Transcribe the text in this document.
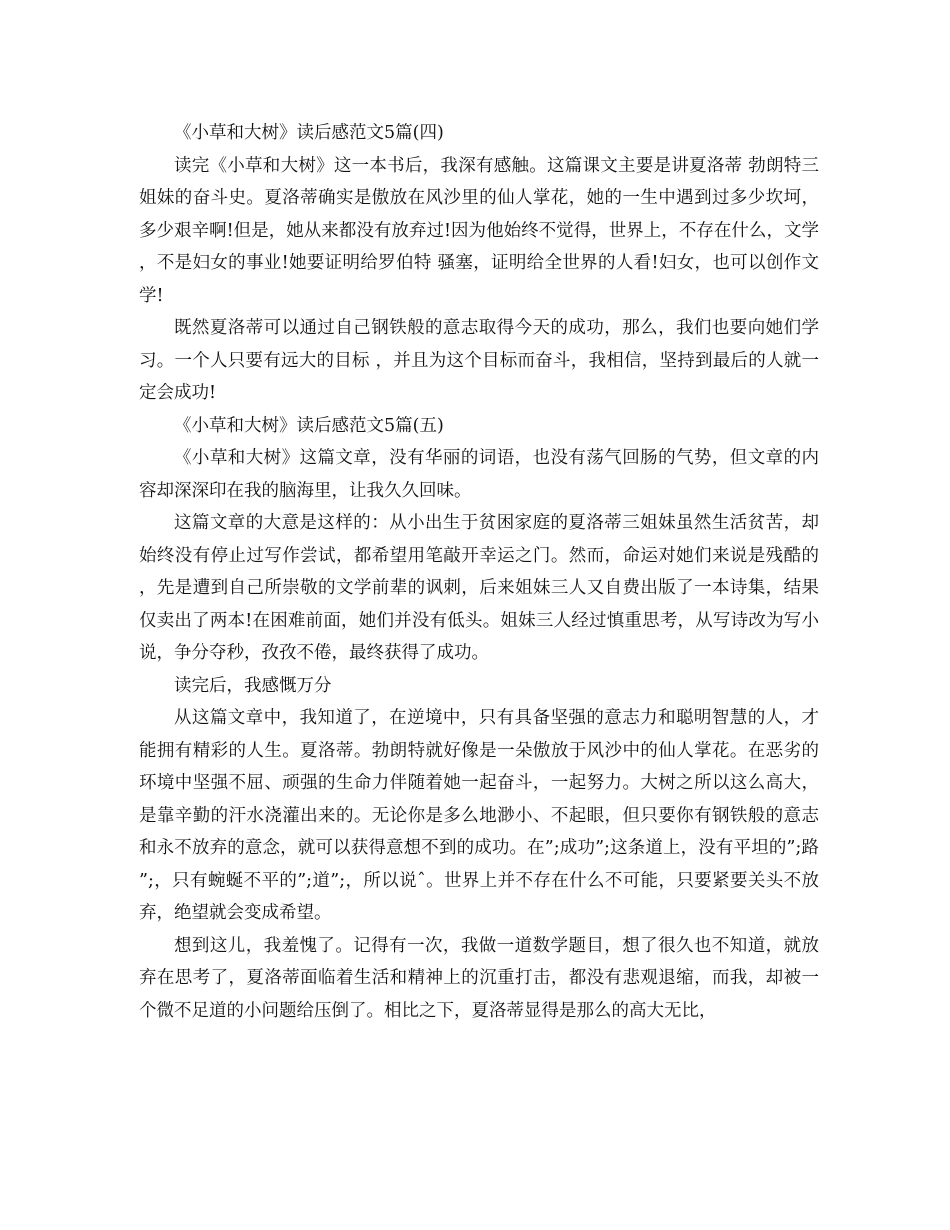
《小草和大树》读后感范文5篇(四)

读完《小草和大树》这一本书后，我深有感触。这篇课文主要是讲夏洛蒂 勃朗特三姐妹的奋斗史。夏洛蒂确实是傲放在风沙里的仙人掌花，她的一生中遇到过多少坎坷，多少艰辛啊!但是，她从来都没有放弃过!因为他始终不觉得，世界上，不存在什么，文学，不是妇女的事业!她要证明给罗伯特 骚塞，证明给全世界的人看!妇女，也可以创作文学!

既然夏洛蒂可以通过自己钢铁般的意志取得今天的成功，那么，我们也要向她们学习。一个人只要有远大的目标 ，并且为这个目标而奋斗，我相信，坚持到最后的人就一定会成功!

《小草和大树》读后感范文5篇(五)

《小草和大树》这篇文章，没有华丽的词语，也没有荡气回肠的气势，但文章的内容却深深印在我的脑海里，让我久久回味。

这篇文章的大意是这样的：从小出生于贫困家庭的夏洛蒂三姐妹虽然生活贫苦，却始终没有停止过写作尝试，都希望用笔敲开幸运之门。然而，命运对她们来说是残酷的，先是遭到自己所崇敬的文学前辈的讽刺，后来姐妹三人又自费出版了一本诗集，结果仅卖出了两本!在困难前面，她们并没有低头。姐妹三人经过慎重思考，从写诗改为写小说，争分夺秒，孜孜不倦，最终获得了成功。

读完后，我感慨万分

从这篇文章中，我知道了，在逆境中，只有具备坚强的意志力和聪明智慧的人，才能拥有精彩的人生。夏洛蒂。勃朗特就好像是一朵傲放于风沙中的仙人掌花。在恶劣的环境中坚强不屈、顽强的生命力伴随着她一起奋斗，一起努力。大树之所以这么高大，是靠辛勤的汗水浇灌出来的。无论你是多么地渺小、不起眼，但只要你有钢铁般的意志和永不放弃的意念，就可以获得意想不到的成功。在”;成功”;这条道上，没有平坦的”;路”;，只有蜿蜒不平的”;道”;，所以说ˆ。世界上并不存在什么不可能，只要紧要关头不放弃，绝望就会变成希望。

想到这儿，我羞愧了。记得有一次，我做一道数学题目，想了很久也不知道，就放弃在思考了，夏洛蒂面临着生活和精神上的沉重打击，都没有悲观退缩，而我，却被一个微不足道的小问题给压倒了。相比之下，夏洛蒂显得是那么的高大无比，
